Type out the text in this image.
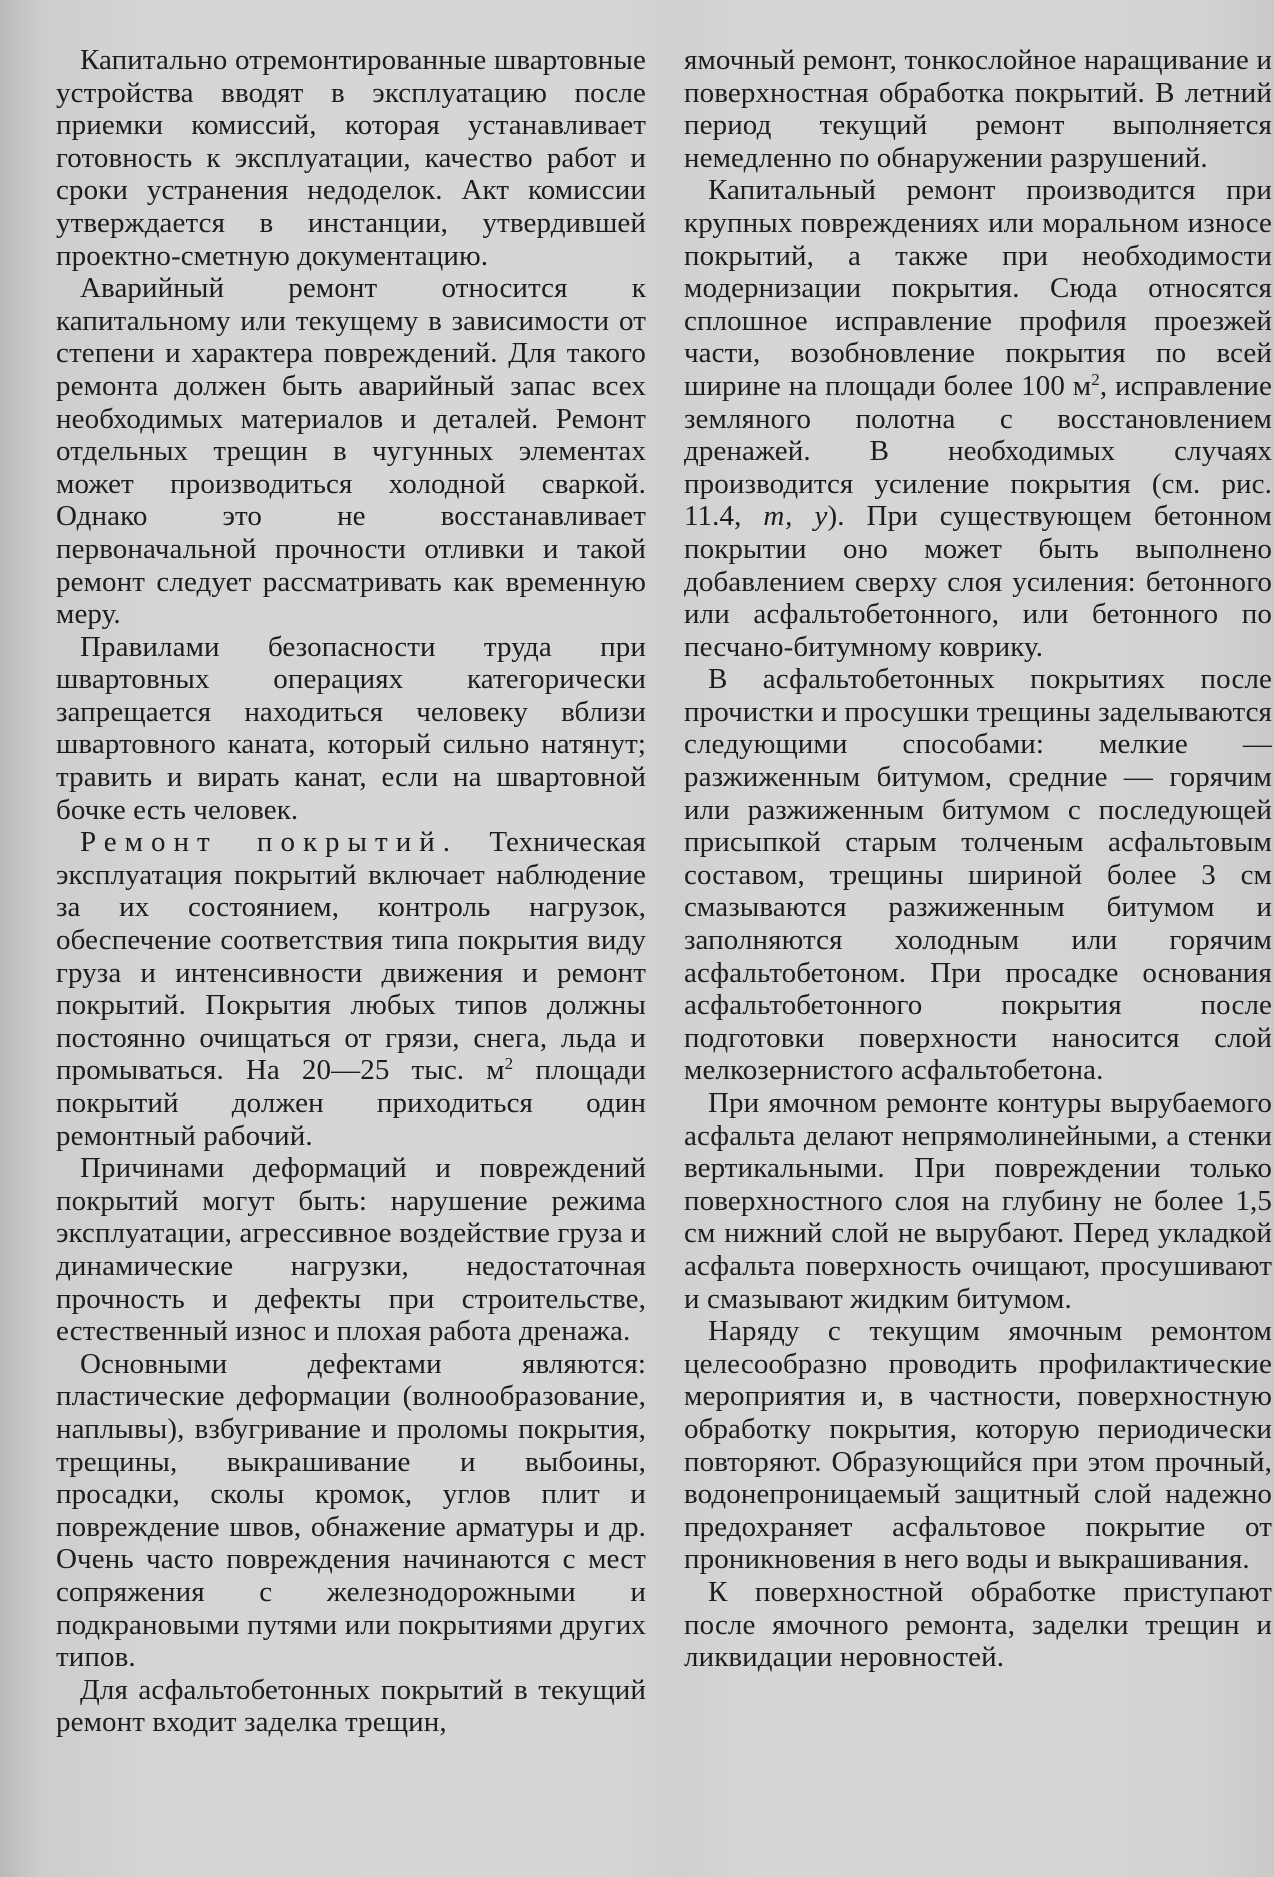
Капитально отремонтированные швартовные устройства вводят в эксплуатацию после приемки комиссий, которая устанавливает готовность к эксплуатации, качество работ и сроки устранения недоделок. Акт комиссии утверждается в инстанции, утвердившей проектно-сметную документацию.

Аварийный ремонт относится к капитальному или текущему в зависимости от степени и характера повреждений. Для такого ремонта должен быть аварийный запас всех необходимых материалов и деталей. Ремонт отдельных трещин в чугунных элементах может производиться холодной сваркой. Однако это не восстанавливает первоначальной прочности отливки и такой ремонт следует рассматривать как временную меру.

Правилами безопасности труда при швартовных операциях категорически запрещается находиться человеку вблизи швартовного каната, который сильно натянут; травить и вирать канат, если на швартовной бочке есть человек.

Ремонт покрытий. Техническая эксплуатация покрытий включает наблюдение за их состоянием, контроль нагрузок, обеспечение соответствия типа покрытия виду груза и интенсивности движения и ремонт покрытий. Покрытия любых типов должны постоянно очищаться от грязи, снега, льда и промываться. На 20—25 тыс. $м^2$ площади покрытий должен приходиться один ремонтный рабочий.

Причинами деформаций и повреждений покрытий могут быть: нарушение режима эксплуатации, агрессивное воздействие груза и динамические нагрузки, недостаточная прочность и дефекты при строительстве, естественный износ и плохая работа дренажа.

Основными дефектами являются: пластические деформации (волнообразование, наплывы), взбугривание и проломы покрытия, трещины, выкрашивание и выбоины, просадки, сколы кромок, углов плит и повреждение швов, обнажение арматуры и др. Очень часто повреждения начинаются с мест сопряжения с железнодорожными и подкрановыми путями или покрытиями других типов.

Для асфальтобетонных покрытий в текущий ремонт входит заделка трещин,

ямочный ремонт, тонкослойное наращивание и поверхностная обработка покрытий. В летний период текущий ремонт выполняется немедленно по обнаружении разрушений.

Капитальный ремонт производится при крупных повреждениях или моральном износе покрытий, а также при необходимости модернизации покрытия. Сюда относятся сплошное исправление профиля проезжей части, возобновление покрытия по всей ширине на площади более 100 $м^2$, исправление земляного полотна с восстановлением дренажей. В необходимых случаях производится усиление покрытия (см. рис. 11.4, т, у). При существующем бетонном покрытии оно может быть выполнено добавлением сверху слоя усиления: бетонного или асфальтобетонного, или бетонного по песчано-битумному коврику.

В асфальтобетонных покрытиях после прочистки и просушки трещины заделываются следующими способами: мелкие — разжиженным битумом, средние — горячим или разжиженным битумом с последующей присыпкой старым толченым асфальтовым составом, трещины шириной более 3 см смазываются разжиженным битумом и заполняются холодным или горячим асфальтобетоном. При просадке основания асфальтобетонного покрытия после подготовки поверхности наносится слой мелкозернистого асфальтобетона.

При ямочном ремонте контуры вырубаемого асфальта делают непрямолинейными, а стенки вертикальными. При повреждении только поверхностного слоя на глубину не более 1,5 см нижний слой не вырубают. Перед укладкой асфальта поверхность очищают, просушивают и смазывают жидким битумом.

Наряду с текущим ямочным ремонтом целесообразно проводить профилактические мероприятия и, в частности, поверхностную обработку покрытия, которую периодически повторяют. Образующийся при этом прочный, водонепроницаемый защитный слой надежно предохраняет асфальтовое покрытие от проникновения в него воды и выкрашивания.

К поверхностной обработке приступают после ямочного ремонта, заделки трещин и ликвидации неровностей.
